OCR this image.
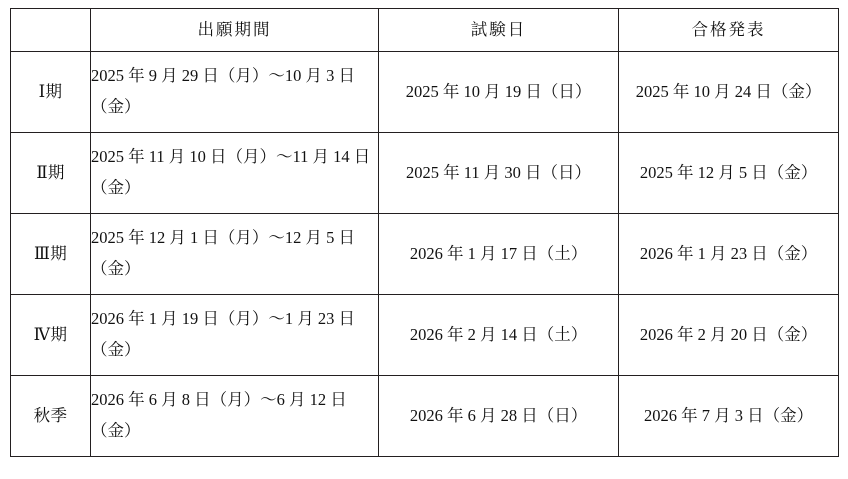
	出願期間	試験日	合格発表

Ⅰ期	2025 年 9 月 29 日（月）～10 月 3 日（金）	2025 年 10 月 19 日（日）	2025 年 10 月 24 日（金）
Ⅱ期	2025 年 11 月 10 日（月）～11 月 14 日（金）	2025 年 11 月 30 日（日）	2025 年 12 月 5 日（金）
Ⅲ期	2025 年 12 月 1 日（月）～12 月 5 日（金）	2026 年 1 月 17 日（土）	2026 年 1 月 23 日（金）
Ⅳ期	2026 年 1 月 19 日（月）～1 月 23 日（金）	2026 年 2 月 14 日（土）	2026 年 2 月 20 日（金）
秋季	2026 年 6 月 8 日（月）～6 月 12 日（金）	2026 年 6 月 28 日（日）	2026 年 7 月 3 日（金）
